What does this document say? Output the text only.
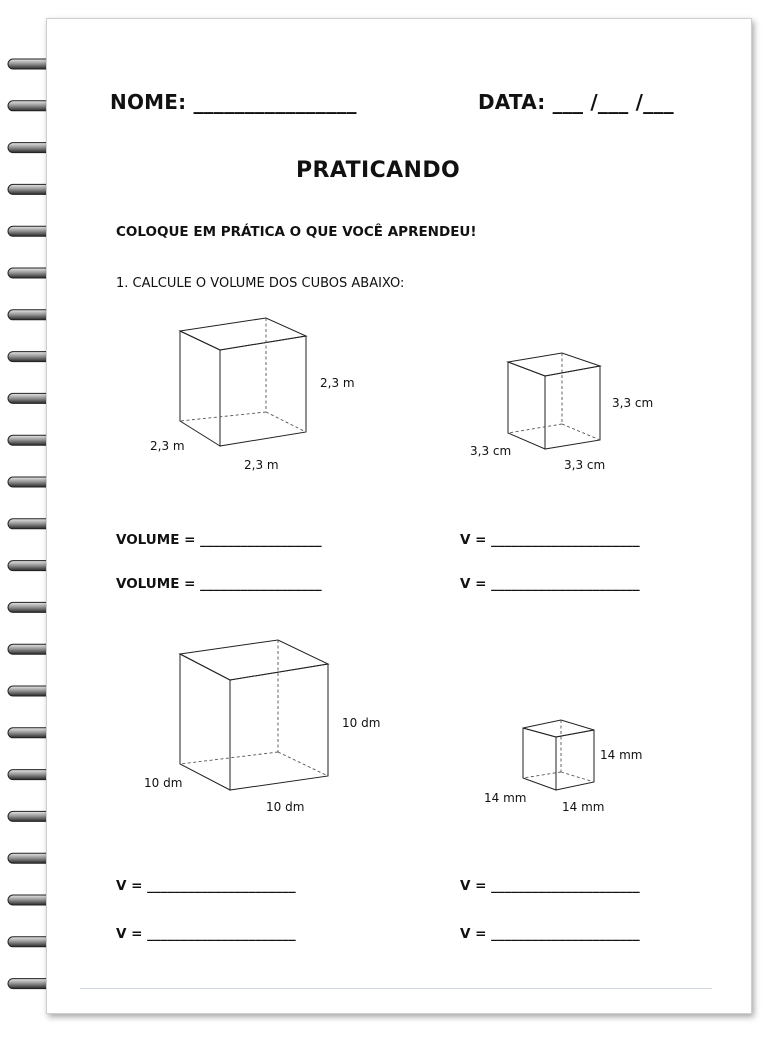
NOME: ________________	DATA: ___ /___ /___
PRATICANDO
COLOQUE EM PRÁTICA O QUE VOCÊ APRENDEU!
1. CALCULE O VOLUME DOS CUBOS ABAIXO:
2,3 m
2,3 m
2,3 m
3,3 cm
3,3 cm
3,3 cm
VOLUME = __________________	V = ______________________
VOLUME = __________________	V = ______________________
10 dm
10 dm
10 dm
14 mm
14 mm
14 mm
V = ______________________	V = ______________________
V = ______________________	V = ______________________
